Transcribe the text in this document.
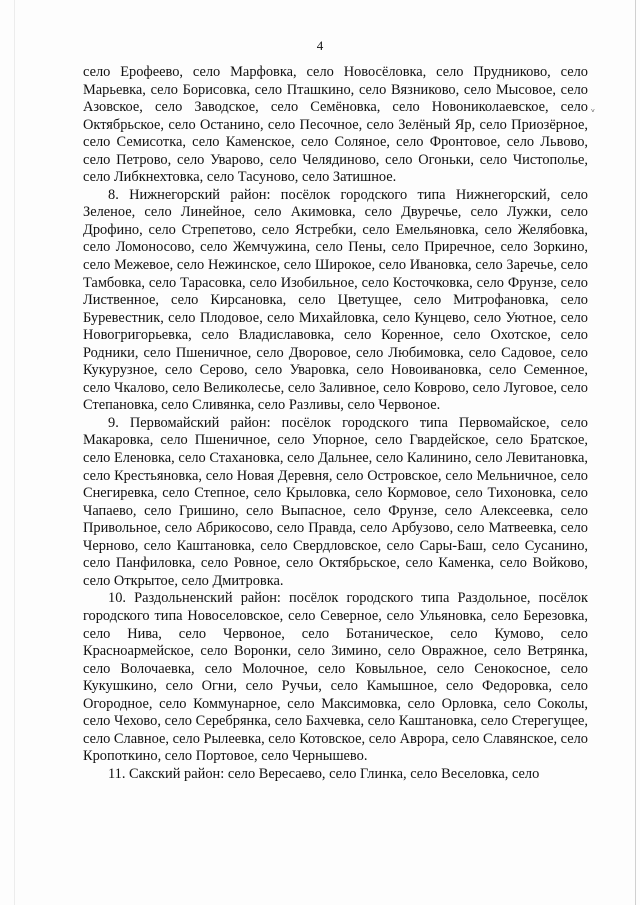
4

село Ерофеево, село Марфовка, село Новосёловка, село Прудниково, село Марьевка, село Борисовка, село Пташкино, село Вязниково, село Мысовое, село Азовское, село Заводское, село Семёновка, село Новониколаевское, село Октябрьское, село Останино, село Песочное, село Зелёный Яр, село Приозёрное, село Семисотка, село Каменское, село Соляное, село Фронтовое, село Львово, село Петрово, село Уварово, село Челядиново, село Огоньки, село Чистополье, село Либкнехтовка, село Тасуново, село Затишное.

8. Нижнегорский район: посёлок городского типа Нижнегорский, село Зеленое, село Линейное, село Акимовка, село Двуречье, село Лужки, село Дрофино, село Стрепетово, село Ястребки, село Емельяновка, село Желябовка, село Ломоносово, село Жемчужина, село Пены, село Приречное, село Зоркино, село Межевое, село Нежинское, село Широкое, село Ивановка, село Заречье, село Тамбовка, село Тарасовка, село Изобильное, село Косточковка, село Фрунзе, село Лиственное, село Кирсановка, село Цветущее, село Митрофановка, село Буревестник, село Плодовое, село Михайловка, село Кунцево, село Уютное, село Новогригорьевка, село Владиславовка, село Коренное, село Охотское, село Родники, село Пшеничное, село Дворовое, село Любимовка, село Садовое, село Кукурузное, село Серово, село Уваровка, село Новоивановка, село Семенное, село Чкалово, село Великолесье, село Заливное, село Коврово, село Луговое, село Степановка, село Сливянка, село Разливы, село Червоное.

9. Первомайский район: посёлок городского типа Первомайское, село Макаровка, село Пшеничное, село Упорное, село Гвардейское, село Братское, село Еленовка, село Стахановка, село Дальнее, село Калинино, село Левитановка, село Крестьяновка, село Новая Деревня, село Островское, село Мельничное, село Снегиревка, село Степное, село Крыловка, село Кормовое, село Тихоновка, село Чапаево, село Гришино, село Выпасное, село Фрунзе, село Алексеевка, село Привольное, село Абрикосово, село Правда, село Арбузово, село Матвеевка, село Черново, село Каштановка, село Свердловское, село Сары-Баш, село Сусанино, село Панфиловка, село Ровное, село Октябрьское, село Каменка, село Войково, село Открытое, село Дмитровка.

10. Раздольненский район: посёлок городского типа Раздольное, посёлок городского типа Новоселовское, село Северное, село Ульяновка, село Березовка, село Нива, село Червоное, село Ботаническое, село Кумово, село Красноармейское, село Воронки, село Зимино, село Овражное, село Ветрянка, село Волочаевка, село Молочное, село Ковыльное, село Сенокосное, село Кукушкино, село Огни, село Ручьи, село Камышное, село Федоровка, село Огородное, село Коммунарное, село Максимовка, село Орловка, село Соколы, село Чехово, село Серебрянка, село Бахчевка, село Каштановка, село Стерегущее, село Славное, село Рылеевка, село Котовское, село Аврора, село Славянское, село Кропоткино, село Портовое, село Чернышево.

11. Сакский район: село Вересаево, село Глинка, село Веселовка, село

ᵥ
